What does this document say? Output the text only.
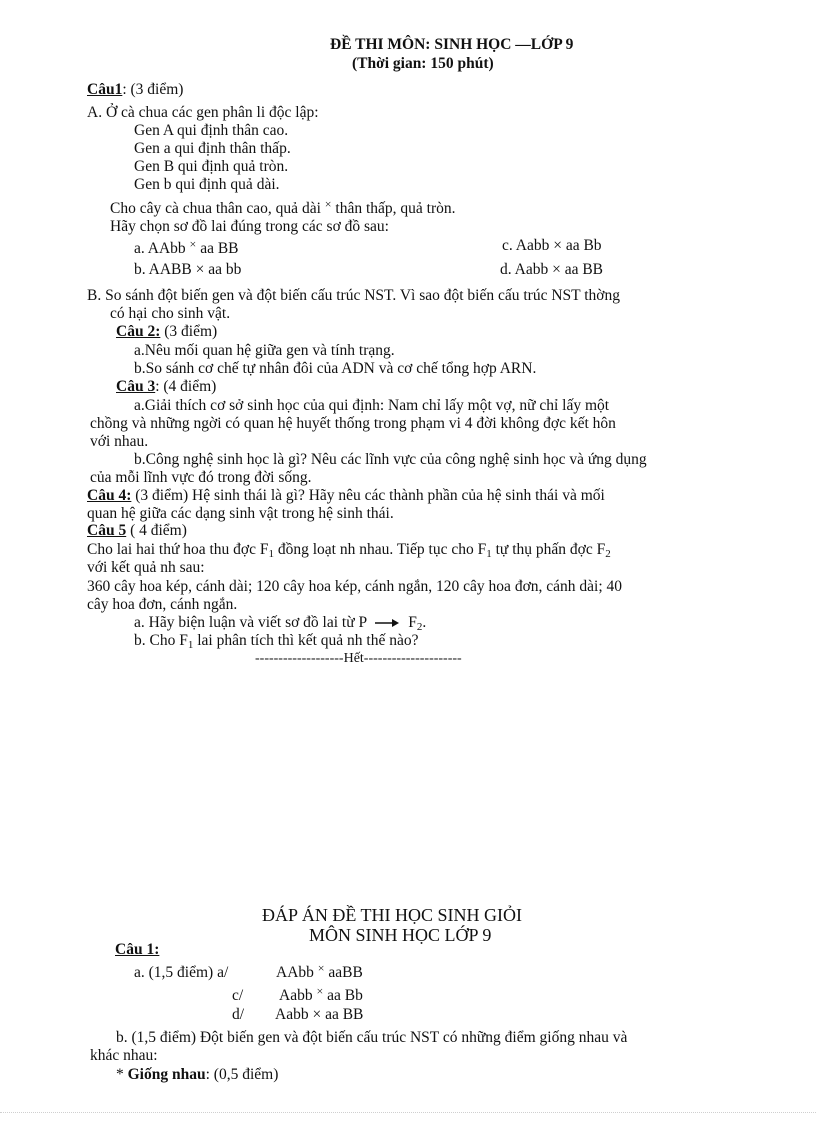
ĐỀ THI MÔN: SINH HỌC —LỚP 9
(Thời gian: 150 phút)
Câu1: (3 điểm)
A. Ở cà chua các gen phân li độc lập:
Gen A qui định thân cao.
Gen a qui định thân thấp.
Gen B qui định quả tròn.
Gen b qui định quả dài.
Cho cây cà chua thân cao, quả dài × thân thấp, quả tròn.
Hãy chọn sơ đồ lai đúng trong các sơ đồ sau:
a. AAbb × aa BB	c. Aabb × aa Bb
b. AABB × aa bb	d. Aabb × aa BB
B. So sánh đột biến gen và đột biến cấu trúc NST. Vì sao đột biến cấu trúc NST thờng
có hại cho sinh vật.
Câu 2: (3 điểm)
a.Nêu mối quan hệ giữa gen và tính trạng.
b.So sánh cơ chế tự nhân đôi của ADN và cơ chế tổng hợp ARN.
Câu 3: (4 điểm)
a.Giải thích cơ sở sinh học của qui định: Nam chỉ lấy một vợ, nữ chỉ lấy một
chồng và những ngời có quan hệ huyết thống trong phạm vi 4 đời không đợc kết hôn
với nhau.
b.Công nghệ sinh học là gì? Nêu các lĩnh vực của công nghệ sinh học và ứng dụng
của mỗi lĩnh vực đó trong đời sống.
Câu 4: (3 điểm) Hệ sinh thái là gì? Hãy nêu các thành phần của hệ sinh thái và mối
quan hệ giữa các dạng sinh vật trong hệ sinh thái.
Câu 5 ( 4 điểm)
Cho lai hai thứ hoa thu đợc F1 đồng loạt nh nhau. Tiếp tục cho F1 tự thụ phấn đợc F2
với kết quả nh sau:
360 cây hoa kép, cánh dài; 120 cây hoa kép, cánh ngắn, 120 cây hoa đơn, cánh dài; 40
cây hoa đơn, cánh ngắn.
a. Hãy biện luận và viết sơ đồ lai từ P  F2.
b. Cho F1 lai phân tích thì kết quả nh thế nào?
-------------------Hết---------------------
ĐÁP ÁN ĐỀ THI HỌC SINH GIỎI
MÔN SINH HỌC LỚP 9
Câu 1:
a. (1,5 điểm) a/	AAbb × aaBB
c/ Aabb × aa Bb
d/ Aabb × aa BB
b. (1,5 điểm) Đột biến gen và đột biến cấu trúc NST có những điểm giống nhau và
khác nhau:
* Giống nhau: (0,5 điểm)
